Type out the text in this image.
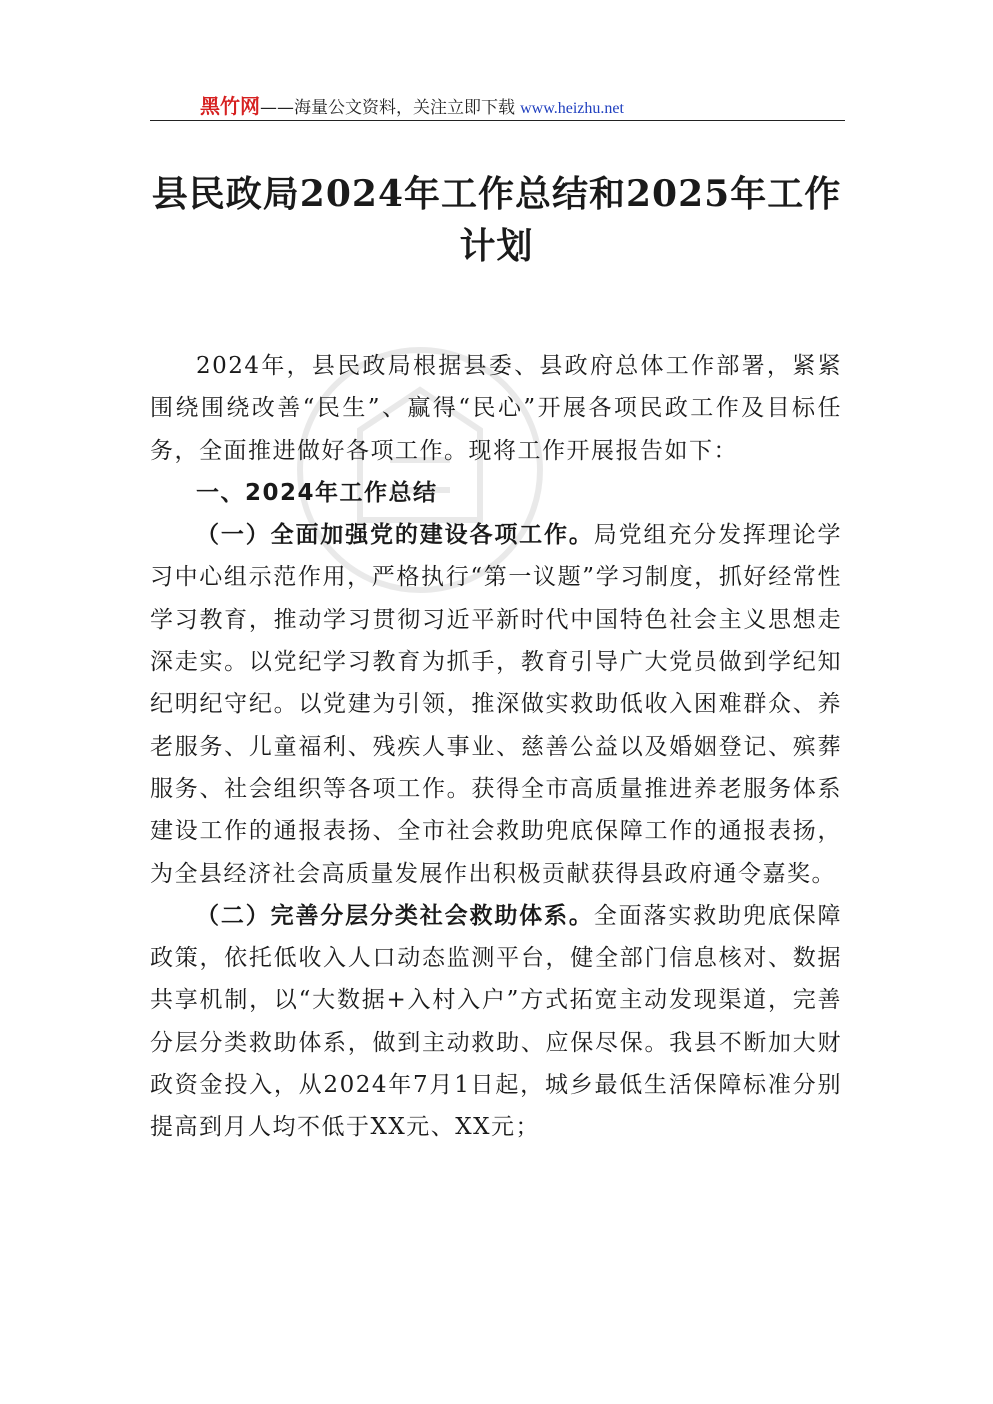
黑竹网——海量公文资料，关注立即下载 www.heizhu.net
县民政局2024年工作总结和2025年工作
计划

2024年，县民政局根据县委、县政府总体工作部署，紧紧围绕围绕改善“民生”、赢得“民心”开展各项民政工作及目标任务，全面推进做好各项工作。现将工作开展报告如下：

一、2024年工作总结

（一）全面加强党的建设各项工作。局党组充分发挥理论学习中心组示范作用，严格执行“第一议题”学习制度，抓好经常性学习教育，推动学习贯彻习近平新时代中国特色社会主义思想走深走实。以党纪学习教育为抓手，教育引导广大党员做到学纪知纪明纪守纪。以党建为引领，推深做实救助低收入困难群众、养老服务、儿童福利、残疾人事业、慈善公益以及婚姻登记、殡葬服务、社会组织等各项工作。获得全市高质量推进养老服务体系建设工作的通报表扬、全市社会救助兜底保障工作的通报表扬，为全县经济社会高质量发展作出积极贡献获得县政府通令嘉奖。

（二）完善分层分类社会救助体系。全面落实救助兜底保障政策，依托低收入人口动态监测平台，健全部门信息核对、数据共享机制，以“大数据+入村入户”方式拓宽主动发现渠道，完善分层分类救助体系，做到主动救助、应保尽保。我县不断加大财政资金投入，从2024年7月1日起，城乡最低生活保障标准分别提高到月人均不低于XX元、XX元；
